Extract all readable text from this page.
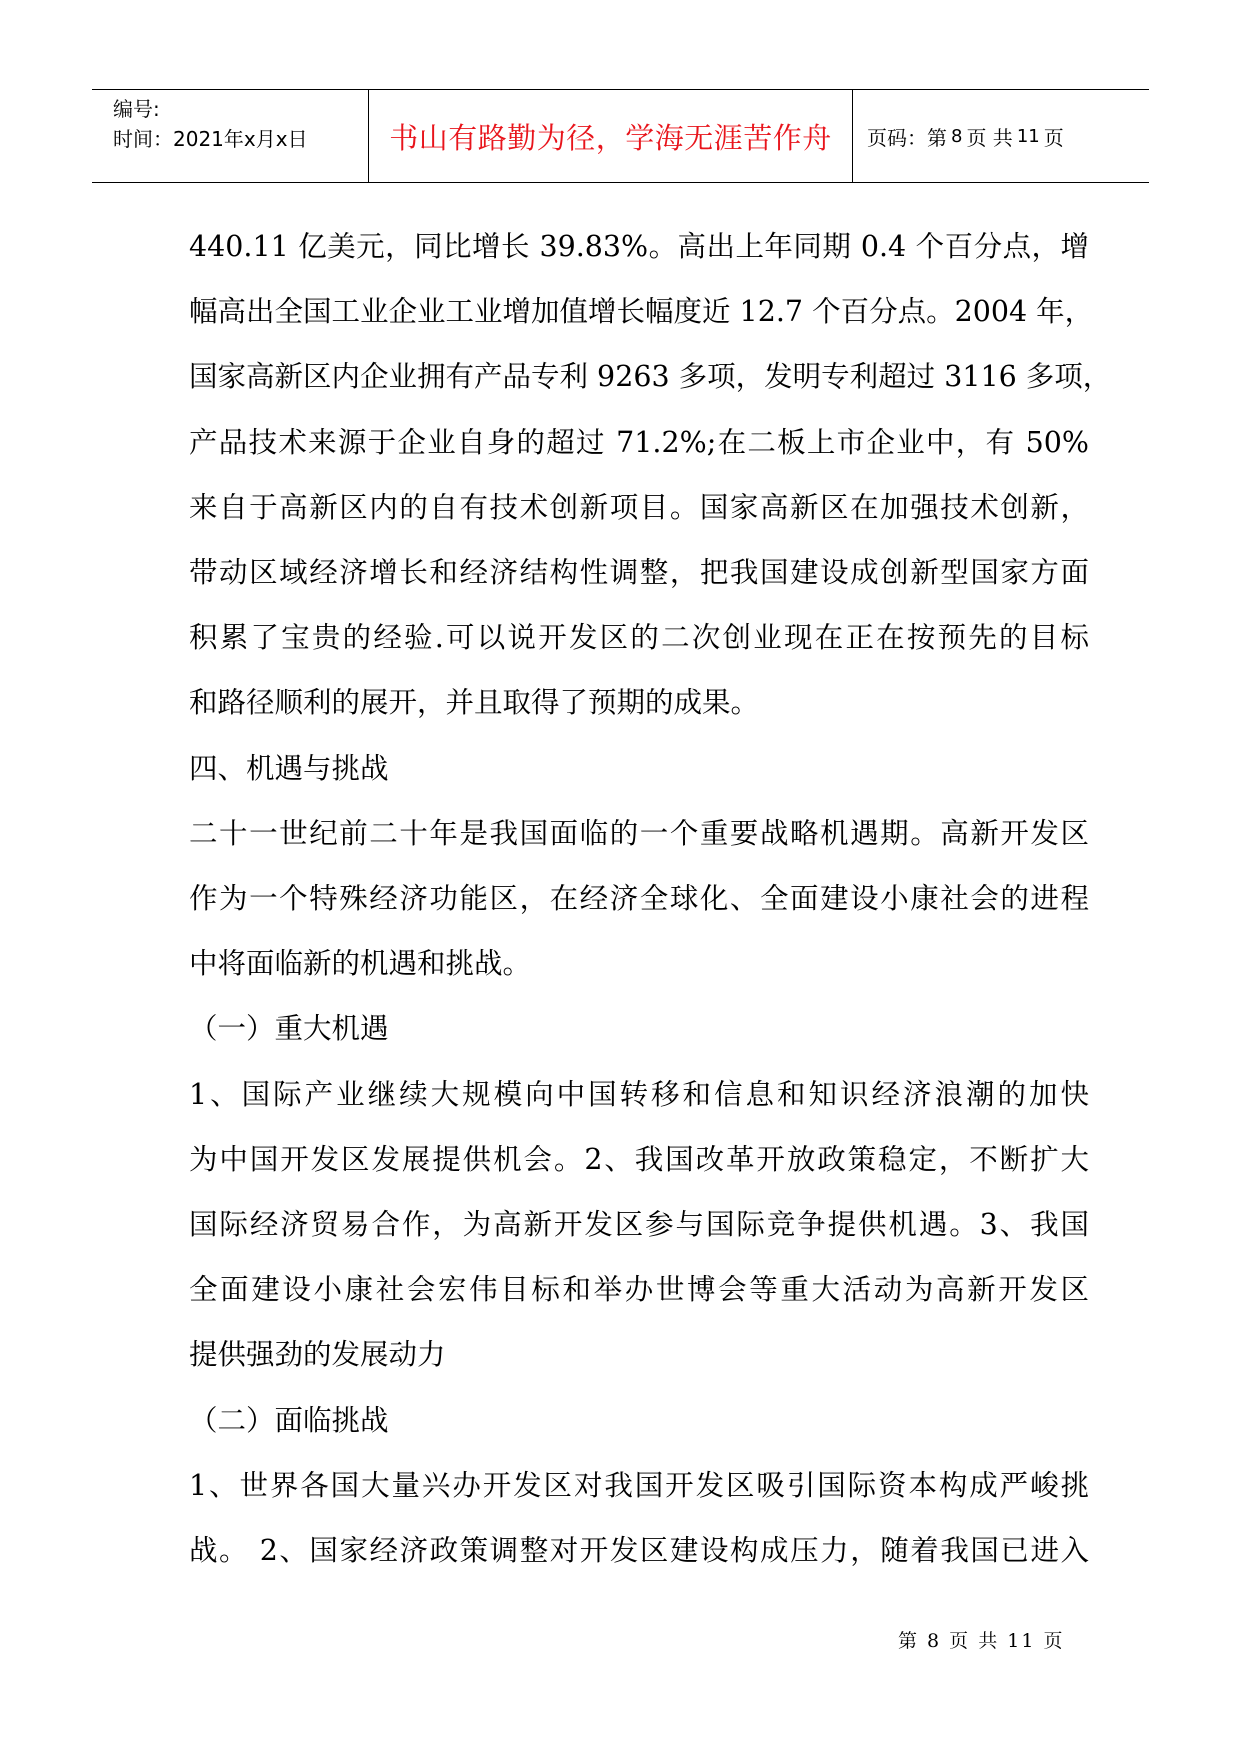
编号:
时间：2021年x月x日	书山有路勤为径，学海无涯苦作舟 页码：第 8 页 共 11 页

440.11 亿美元，同比增长 39.83%。高出上年同期 0.4 个百分点，增

幅高出全国工业企业工业增加值增长幅度近 12.7 个百分点。2004 年，

国家高新区内企业拥有产品专利 9263 多项，发明专利超过 3116 多项，

产品技术来源于企业自身的超过 71.2%;在二板上市企业中，有 50%

来自于高新区内的自有技术创新项目。国家高新区在加强技术创新，

带动区域经济增长和经济结构性调整，把我国建设成创新型国家方面

积累了宝贵的经验.可以说开发区的二次创业现在正在按预先的目标

和路径顺利的展开，并且取得了预期的成果。

四、机遇与挑战

二十一世纪前二十年是我国面临的一个重要战略机遇期。高新开发区

作为一个特殊经济功能区，在经济全球化、全面建设小康社会的进程

中将面临新的机遇和挑战。

（一）重大机遇

1、国际产业继续大规模向中国转移和信息和知识经济浪潮的加快

为中国开发区发展提供机会。2、我国改革开放政策稳定，不断扩大

国际经济贸易合作，为高新开发区参与国际竞争提供机遇。3、我国

全面建设小康社会宏伟目标和举办世博会等重大活动为高新开发区

提供强劲的发展动力

（二）面临挑战

1、世界各国大量兴办开发区对我国开发区吸引国际资本构成严峻挑

战。 2、国家经济政策调整对开发区建设构成压力，随着我国已进入

第 8 页 共 11 页
